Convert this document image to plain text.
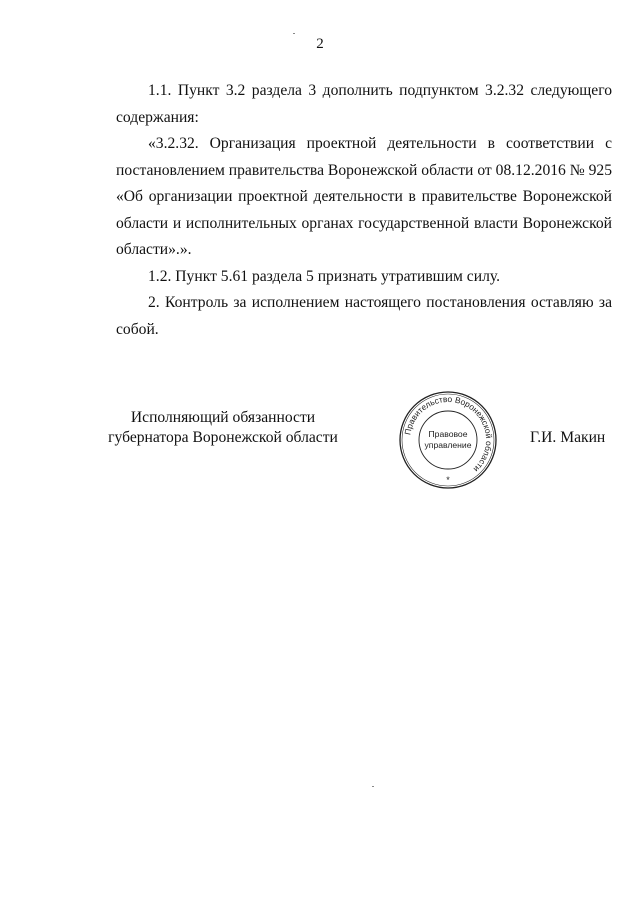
2

1.1. Пункт 3.2 раздела 3 дополнить подпунктом 3.2.32 следующего содержания:

«3.2.32. Организация проектной деятельности в соответствии с постановлением правительства Воронежской области от 08.12.2016 № 925 «Об организации проектной деятельности в правительстве Воронежской области и исполнительных органах государственной власти Воронежской области».».

1.2. Пункт 5.61 раздела 5 признать утратившим силу.

2. Контроль за исполнением настоящего постановления оставляю за собой.

Исполняющий обязанности
губернатора Воронежской области	Правительство Воронежской области
Правовое
управление
*
Г.И. Макин
